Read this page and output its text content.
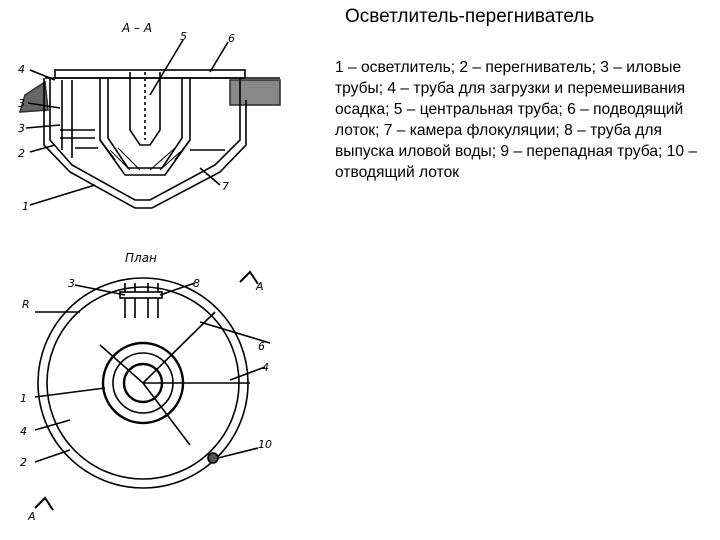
Осветлитель-перегниватель
1 – осветлитель; 2 – перегниватель; 3 – иловые трубы; 4 – труба для загрузки и перемешивания осадка; 5 – центральная труба; 6 – подводящий лоток; 7 – камера флокуляции; 8 – труба для выпуска иловой воды; 9 – перепадная труба; 10 – отводящий лоток
А – А
4
3
3
2
1
5	6
7
План
3	8	А
6
4
1
4
2
10
А
R
